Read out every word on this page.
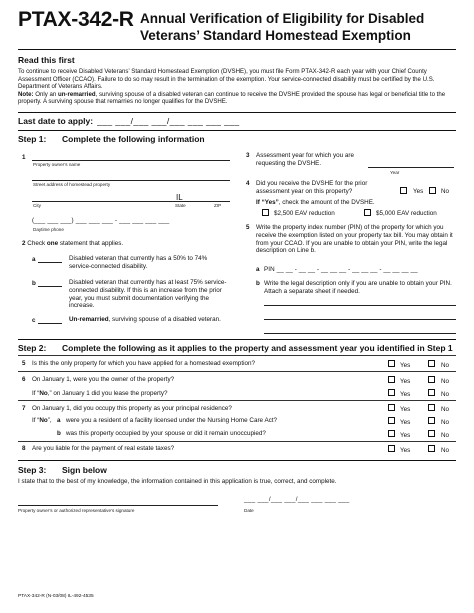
PTAX-342-R Annual Verification of Eligibility for Disabled
Veterans’ Standard Homestead Exemption
Read this first

To continue to receive Disabled Veterans’ Standard Homestead Exemption (DVSHE), you must file Form PTAX-342-R each year with your Chief County Assessment Officer (CCAO). Failure to do so may result in the termination of the exemption. Your service-connected disability must be certified by the U.S. Department of Veterans Affairs.

Note: Only an un-remarried, surviving spouse of a disabled veteran can continue to receive the DVSHE provided the spouse has legal or beneficial title to the property. A surviving spouse that remarries no longer qualifies for the DVSHE.

Last date to apply: ___ ___/___ ___/___ ___ ___ ___
Step 1: Complete the following information
1
Property owner’s name
Street address of homestead property
IL
City	State	ZIP
(___ ___ ___) ___ ___ ___ - ___ ___ ___ ___
Daytime phone
2 Check one statement that applies.
a	Disabled veteran that currently has a 50% to 74% service-connected disability.
b	Disabled veteran that currently has at least 75% service-connected disability. If this is an increase from the prior year, you must submit documentation verifying the increase.
c	Un-remarried, surviving spouse of a disabled veteran.
3 Assessment year for which you are requesting the DVSHE.
Year
4 Did you receive the DVSHE for the prior assessment year on this property?	Yes	No
If “Yes”, check the amount of the DVSHE.
$2,500 EAV reduction	$5,000 EAV reduction
5 Write the property index number (PIN) of the property for which you receive the exemption listed on your property tax bill. You may obtain it from your CCAO. If you are unable to obtain your PIN, write the legal description on Line b.
a PIN __ __ - __ __ - __ __ __ - __ __ __ - __ __ __ __
b Write the legal description only if you are unable to obtain your PIN. Attach a separate sheet if needed.
Step 2: Complete the following as it applies to the property and assessment year you identified in Step 1
5 Is this the only property for which you have applied for a homestead exemption?	Yes	No
6 On January 1, were you the owner of the property?	Yes	No
If “No,” on January 1 did you lease the property?	Yes	No
7 On January 1, did you occupy this property as your principal residence?	Yes	No
If “No”, a were you a resident of a facility licensed under the Nursing Home Care Act?	Yes	No
b was this property occupied by your spouse or did it remain unoccupied?	Yes	No
8 Are you liable for the payment of real estate taxes?	Yes	No
Step 3: Sign below
I state that to the best of my knowledge, the information contained in this application is true, correct, and complete.
___ ___/___ ___/___ ___ ___ ___
Property owner’s or authorized representative’s signature	Date
PTAX-342-R (N-03/08) IL-492-4535
